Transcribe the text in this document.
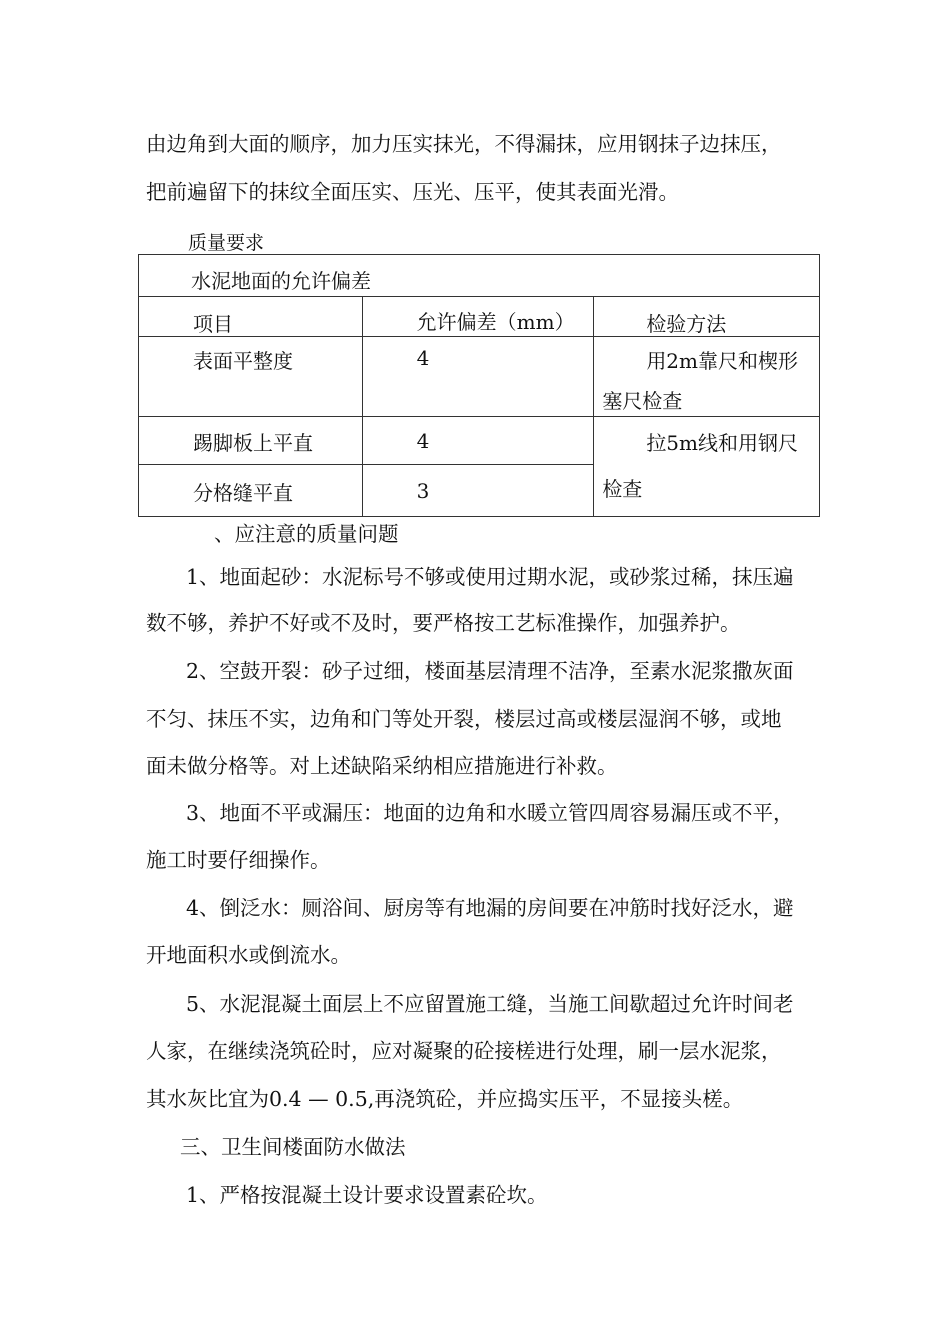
由边角到大面的顺序，加力压实抹光，不得漏抹，应用钢抹子边抹压，
把前遍留下的抹纹全面压实、压光、压平，使其表面光滑。
质量要求
水泥地面的允许偏差		

项目	允许偏差（mm）	检验方法

表面平整度	4	用2m靠尺和楔形
塞尺检查

踢脚板上平直	4	拉5m线和用钢尺
检查

分格缝平直	3	
、应注意的质量问题
1、地面起砂：水泥标号不够或使用过期水泥，或砂浆过稀，抹压遍
数不够，养护不好或不及时，要严格按工艺标准操作，加强养护。
2、空鼓开裂：砂子过细，楼面基层清理不洁净，至素水泥浆撒灰面
不匀、抹压不实，边角和门等处开裂，楼层过高或楼层湿润不够，或地
面未做分格等。对上述缺陷采纳相应措施进行补救。
3、地面不平或漏压：地面的边角和水暖立管四周容易漏压或不平，
施工时要仔细操作。
4、倒泛水：厕浴间、厨房等有地漏的房间要在冲筋时找好泛水，避
开地面积水或倒流水。
5、水泥混凝土面层上不应留置施工缝，当施工间歇超过允许时间老
人家，在继续浇筑砼时，应对凝聚的砼接槎进行处理，刷一层水泥浆，
其水灰比宜为0.4 — 0.5,再浇筑砼，并应捣实压平，不显接头槎。
三、卫生间楼面防水做法
1、严格按混凝土设计要求设置素砼坎。
